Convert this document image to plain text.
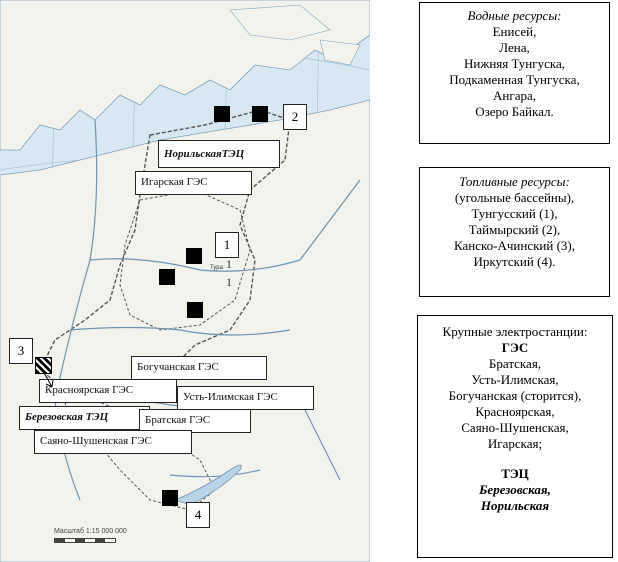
2
1
3
4
Тура 1
1
НорильскаяТЭЦ
Игарская ГЭС
Богучанская ГЭС
Красноярская ГЭС
Усть-Илимская ГЭС
Березовская ТЭЦ	Братская ГЭС
Саяно-Шушенская ГЭС
Масштаб 1:15 000 000
Водные ресурсы:
Енисей,
Лена,
Нижняя Тунгуска,
Подкаменная Тунгуска,
Ангара,
Озеро Байкал.
Топливные ресурсы:
(угольные бассейны),
Тунгусский (1),
Таймырский (2),
Канско-Ачинский (3),
Иркутский (4).
Крупные электростанции:
ГЭС
Братская,
Усть-Илимская,
Богучанская (сторится),
Красноярская,
Саяно-Шушенская,
Игарская;
ТЭЦ
Березовская,
Норильская
